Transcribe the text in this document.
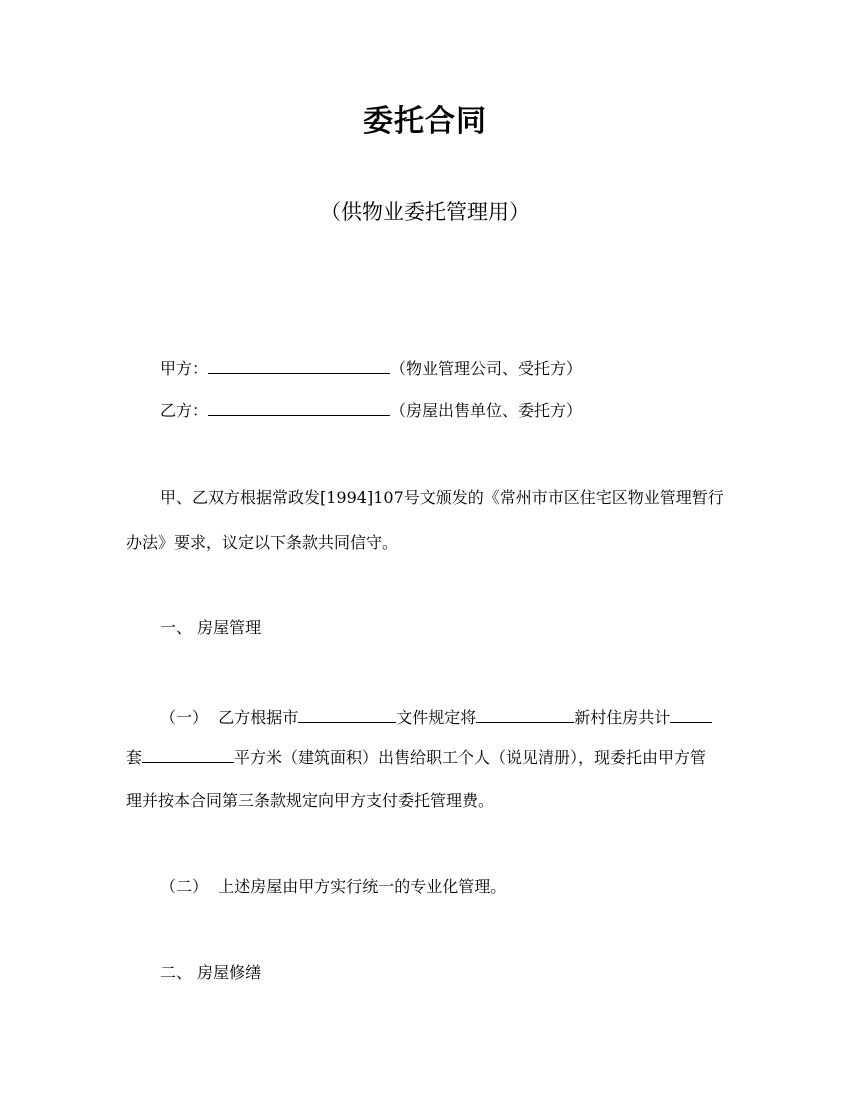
委托合同
（供物业委托管理用）
甲方：	（物业管理公司、受托方）
乙方：	（房屋出售单位、委托方）
甲、乙双方根据常政发[1994]107号文颁发的《常州市市区住宅区物业管理暂行
办法》要求，议定以下条款共同信守。
一、 房屋管理
（一） 乙方根据市	文件规定将	新村住房共计
套	平方米（建筑面积）出售给职工个人（说见清册），现委托由甲方管
理并按本合同第三条款规定向甲方支付委托管理费。
（二） 上述房屋由甲方实行统一的专业化管理。
二、 房屋修缮
